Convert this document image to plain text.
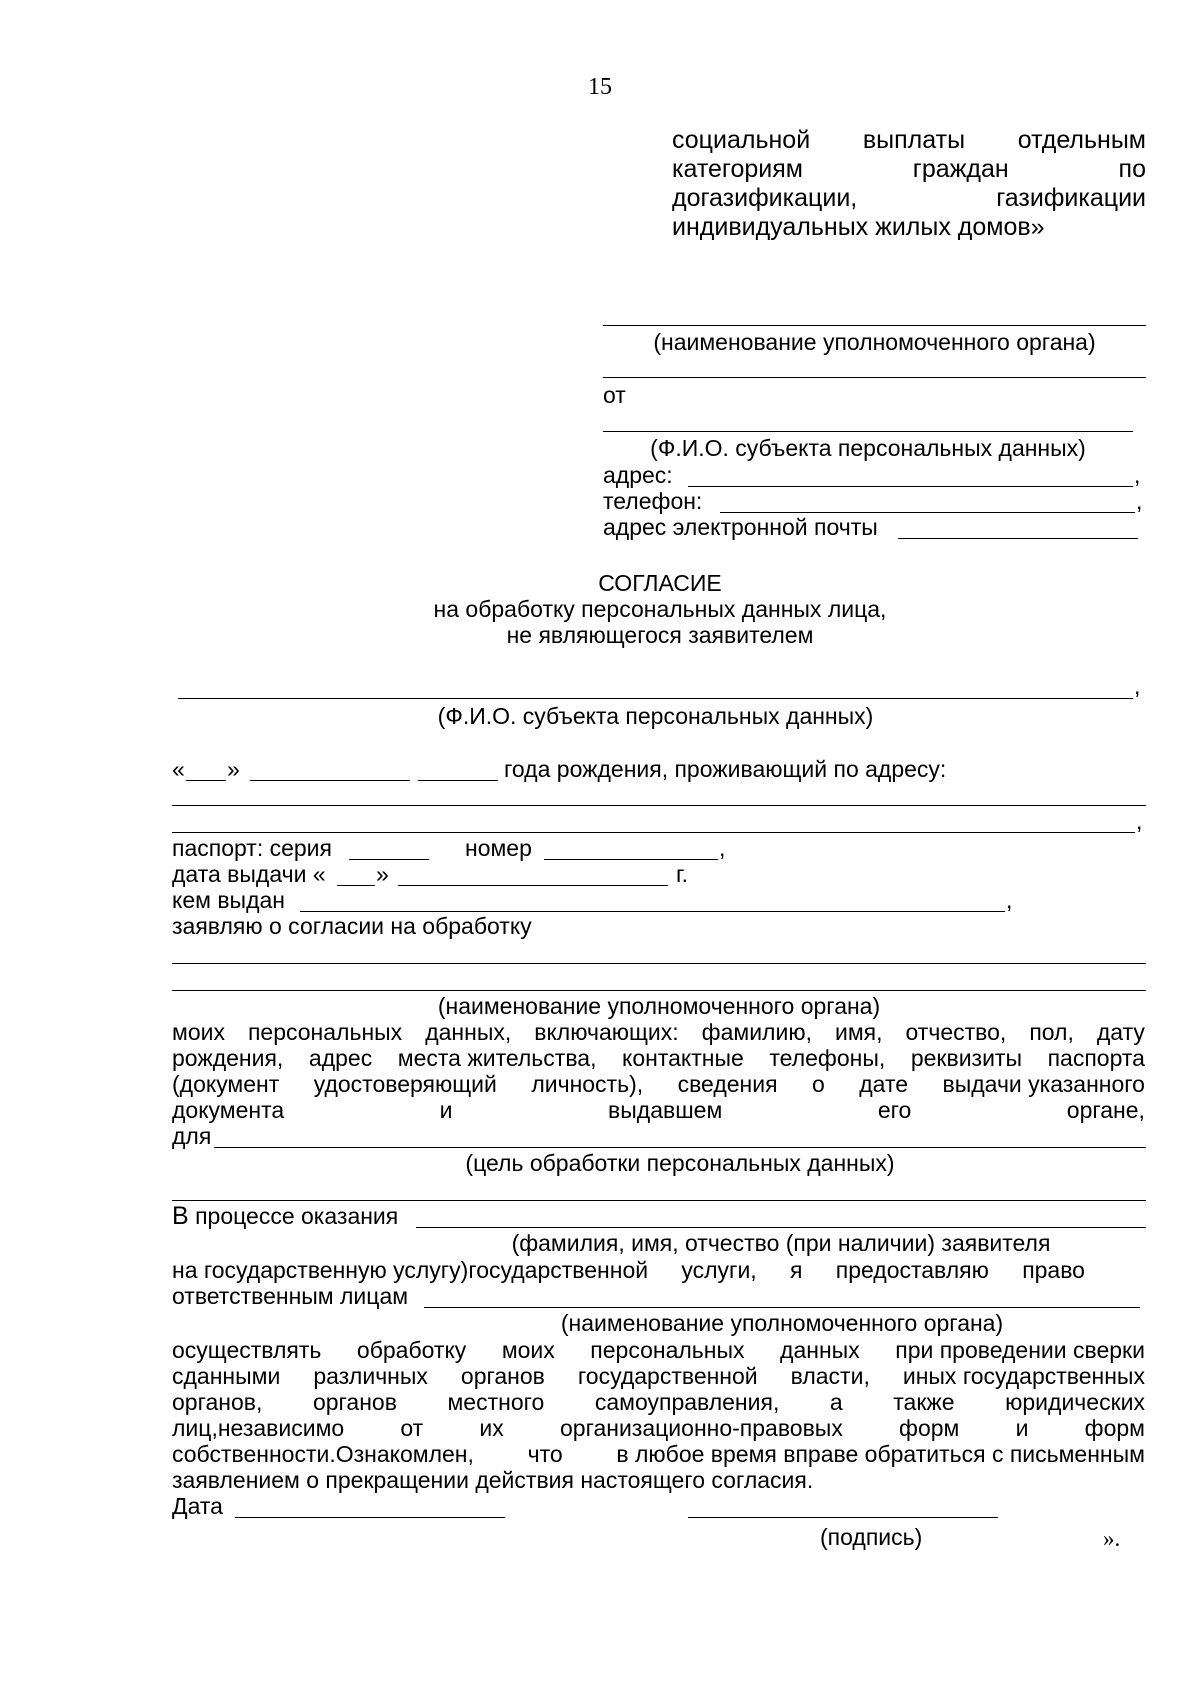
15
социальной выплаты отдельным
категориям	граждан	по
догазификации,	газификации
индивидуальных жилых домов»
(наименование уполномоченного органа)
от
(Ф.И.О. субъекта персональных данных)
адрес:	,
телефон:	,
адрес электронной почты
СОГЛАСИЕ
на обработку персональных данных лица,
не являющегося заявителем
,
(Ф.И.О. субъекта персональных данных)
« »	года рождения, проживающий по адресу:
,
паспорт: серия	номер	,
дата выдачи « »	г.
кем выдан	,
заявляю о согласии на обработку
(наименование уполномоченного органа)
моих персональных данных, включающих: фамилию, имя, отчество, пол, дату
рождения, адрес места жительства, контактные телефоны, реквизиты паспорта
(документ удостоверяющий личность), сведения о дате выдачи указанного
документа	и	выдавшем	его	органе,
для
(цель обработки персональных данных)
В процессе оказания
(фамилия, имя, отчество (при наличии) заявителя
на государственную услугу)государственной услуги, я предоставляю право
ответственным лицам
(наименование уполномоченного органа)
осуществлять обработку моих персональных данных при проведении сверки
сданными различных органов государственной власти, иных государственных
органов, органов местного самоуправления, а также юридических
лиц,независимо от их организационно-правовых форм и форм
собственности.Ознакомлен, что в любое время вправе обратиться с письменным
заявлением о прекращении действия настоящего согласия.
Дата
(подпись)	».
